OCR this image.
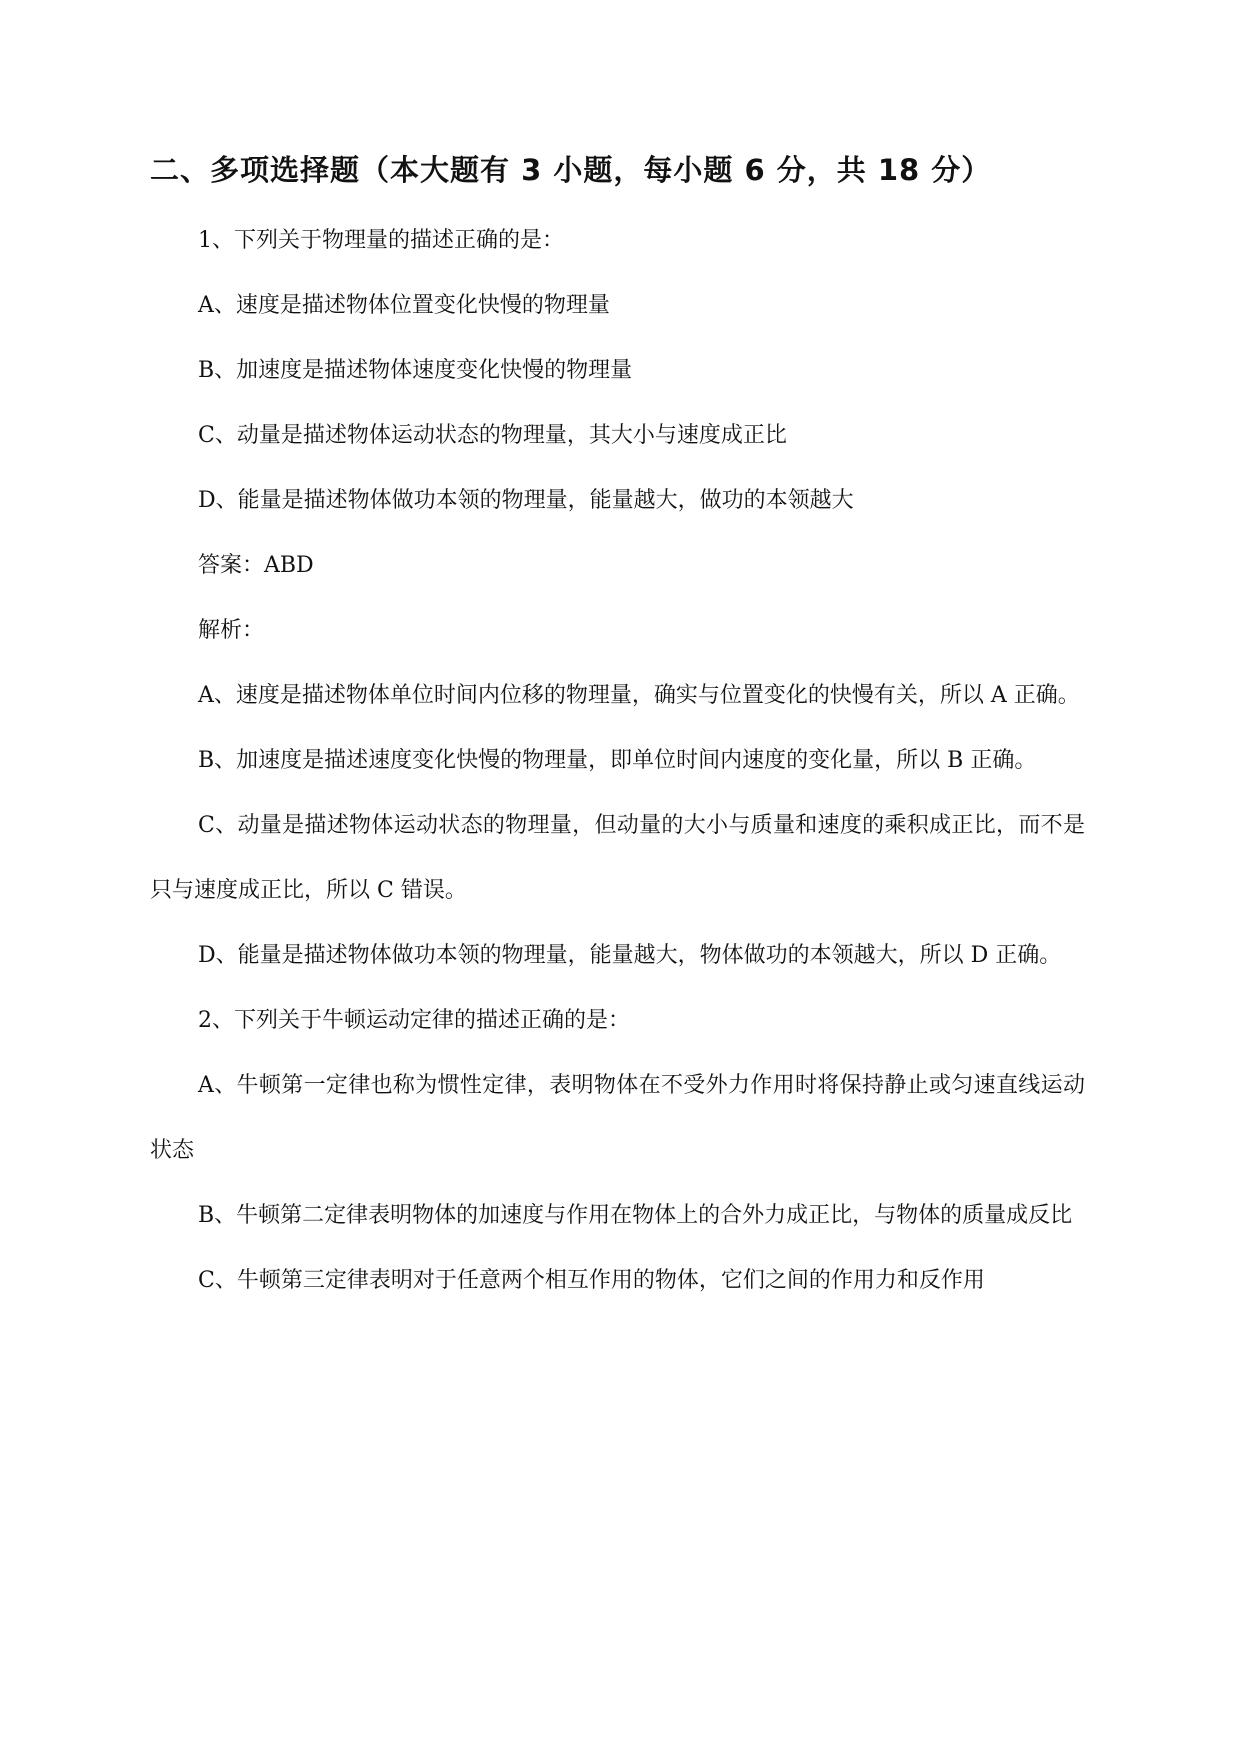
二、多项选择题（本大题有 3 小题，每小题 6 分，共 18 分）

1、下列关于物理量的描述正确的是：

A、速度是描述物体位置变化快慢的物理量

B、加速度是描述物体速度变化快慢的物理量

C、动量是描述物体运动状态的物理量，其大小与速度成正比

D、能量是描述物体做功本领的物理量，能量越大，做功的本领越大

答案：ABD

解析：

A、速度是描述物体单位时间内位移的物理量，确实与位置变化的快慢有关，所以 A 正确。

B、加速度是描述速度变化快慢的物理量，即单位时间内速度的变化量，所以 B 正确。

C、动量是描述物体运动状态的物理量，但动量的大小与质量和速度的乘积成正比，而不是只与速度成正比，所以 C 错误。

D、能量是描述物体做功本领的物理量，能量越大，物体做功的本领越大，所以 D 正确。

2、下列关于牛顿运动定律的描述正确的是：

A、牛顿第一定律也称为惯性定律，表明物体在不受外力作用时将保持静止或匀速直线运动状态

B、牛顿第二定律表明物体的加速度与作用在物体上的合外力成正比，与物体的质量成反比

C、牛顿第三定律表明对于任意两个相互作用的物体，它们之间的作用力和反作用
